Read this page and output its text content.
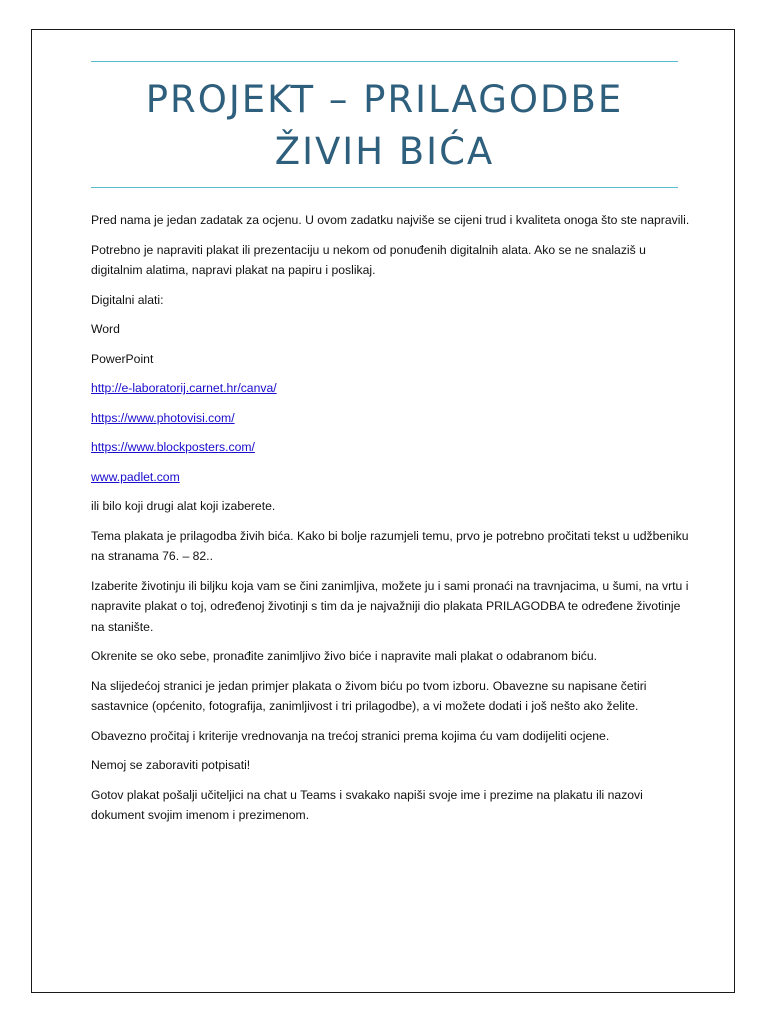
PROJEKT – PRILAGODBE
ŽIVIH BIĆA

Pred nama je jedan zadatak za ocjenu. U ovom zadatku najviše se cijeni trud i kvaliteta onoga što ste napravili.

Potrebno je napraviti plakat ili prezentaciju u nekom od ponuđenih digitalnih alata. Ako se ne snalaziš u digitalnim alatima, napravi plakat na papiru i poslikaj.

Digitalni alati:

Word

PowerPoint

http://e-laboratorij.carnet.hr/canva/

https://www.photovisi.com/

https://www.blockposters.com/

www.padlet.com

ili bilo koji drugi alat koji izaberete.

Tema plakata je prilagodba živih bića. Kako bi bolje razumjeli temu, prvo je potrebno pročitati tekst u udžbeniku na stranama 76. – 82..

Izaberite životinju ili biljku koja vam se čini zanimljiva, možete ju i sami pronaći na travnjacima, u šumi, na vrtu i napravite plakat o toj, određenoj životinji s tim da je najvažniji dio plakata PRILAGODBA te određene životinje na stanište.

Okrenite se oko sebe, pronađite zanimljivo živo biće i napravite mali plakat o odabranom biću.

Na slijedećoj stranici je jedan primjer plakata o živom biću po tvom izboru. Obavezne su napisane četiri sastavnice (općenito, fotografija, zanimljivost i tri prilagodbe), a vi možete dodati i još nešto ako želite.

Obavezno pročitaj i kriterije vrednovanja na trećoj stranici prema kojima ću vam dodijeliti ocjene.

Nemoj se zaboraviti potpisati!

Gotov plakat pošalji učiteljici na chat u Teams i svakako napiši svoje ime i prezime na plakatu ili nazovi dokument svojim imenom i prezimenom.
